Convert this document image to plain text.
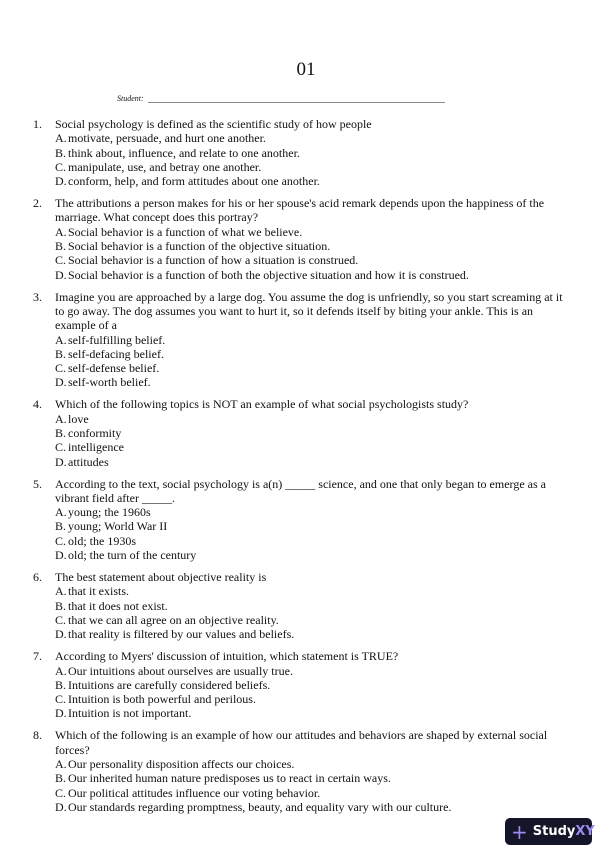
01
Student:
1.	Social psychology is defined as the scientific study of how people
A. motivate, persuade, and hurt one another.
B. think about, influence, and relate to one another.
C. manipulate, use, and betray one another.
D. conform, help, and form attitudes about one another.
2.	The attributions a person makes for his or her spouse's acid remark depends upon the happiness of the marriage. What concept does this portray?
A. Social behavior is a function of what we believe.
B. Social behavior is a function of the objective situation.
C. Social behavior is a function of how a situation is construed.
D. Social behavior is a function of both the objective situation and how it is construed.
3.	Imagine you are approached by a large dog. You assume the dog is unfriendly, so you start screaming at it to go away. The dog assumes you want to hurt it, so it defends itself by biting your ankle. This is an example of a
A. self-fulfilling belief.
B. self-defacing belief.
C. self-defense belief.
D. self-worth belief.
4.	Which of the following topics is NOT an example of what social psychologists study?
A. love
B. conformity
C. intelligence
D. attitudes
5.	According to the text, social psychology is a(n) _____ science, and one that only began to emerge as a vibrant field after _____.
A. young; the 1960s
B. young; World War II
C. old; the 1930s
D. old; the turn of the century
6.	The best statement about objective reality is
A. that it exists.
B. that it does not exist.
C. that we can all agree on an objective reality.
D. that reality is filtered by our values and beliefs.
7.	According to Myers' discussion of intuition, which statement is TRUE?
A. Our intuitions about ourselves are usually true.
B. Intuitions are carefully considered beliefs.
C. Intuition is both powerful and perilous.
D. Intuition is not important.
8.	Which of the following is an example of how our attitudes and behaviors are shaped by external social forces?
A. Our personality disposition affects our choices.
B. Our inherited human nature predisposes us to react in certain ways.
C. Our political attitudes influence our voting behavior.
D. Our standards regarding promptness, beauty, and equality vary with our culture.
+ StudyXY
